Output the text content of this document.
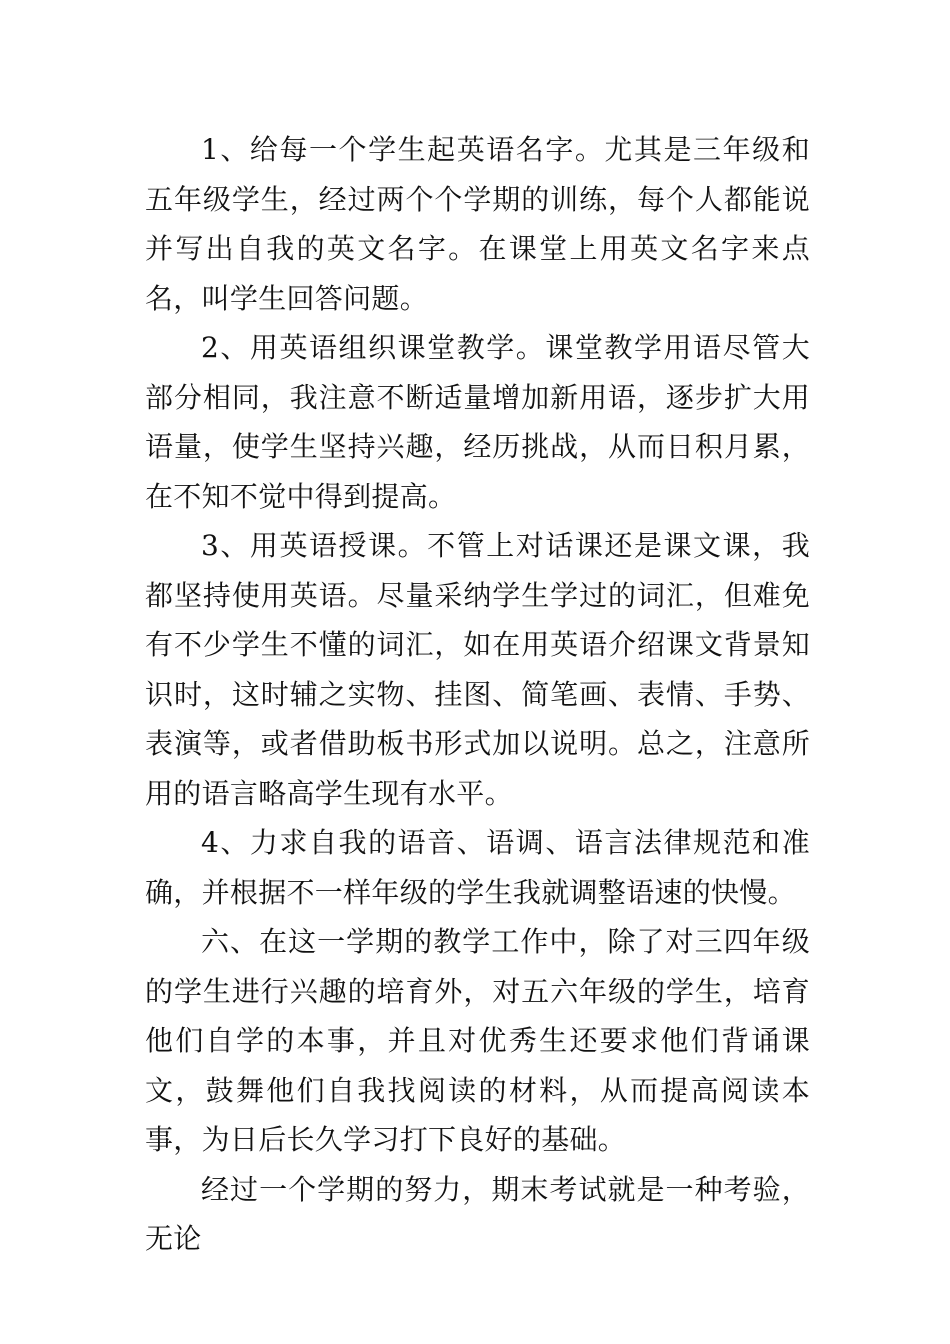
1、给每一个学生起英语名字。尤其是三年级和五年级学生，经过两个个学期的训练，每个人都能说并写出自我的英文名字。在课堂上用英文名字来点名，叫学生回答问题。

2、用英语组织课堂教学。课堂教学用语尽管大部分相同，我注意不断适量增加新用语，逐步扩大用语量，使学生坚持兴趣，经历挑战，从而日积月累，在不知不觉中得到提高。

3、用英语授课。不管上对话课还是课文课，我都坚持使用英语。尽量采纳学生学过的词汇，但难免有不少学生不懂的词汇，如在用英语介绍课文背景知识时，这时辅之实物、挂图、简笔画、表情、手势、表演等，或者借助板书形式加以说明。总之，注意所用的语言略高学生现有水平。

4、力求自我的语音、语调、语言法律规范和准确，并根据不一样年级的学生我就调整语速的快慢。

六、在这一学期的教学工作中，除了对三四年级的学生进行兴趣的培育外，对五六年级的学生，培育他们自学的本事，并且对优秀生还要求他们背诵课文，鼓舞他们自我找阅读的材料，从而提高阅读本事，为日后长久学习打下良好的基础。

经过一个学期的努力，期末考试就是一种考验，无论
